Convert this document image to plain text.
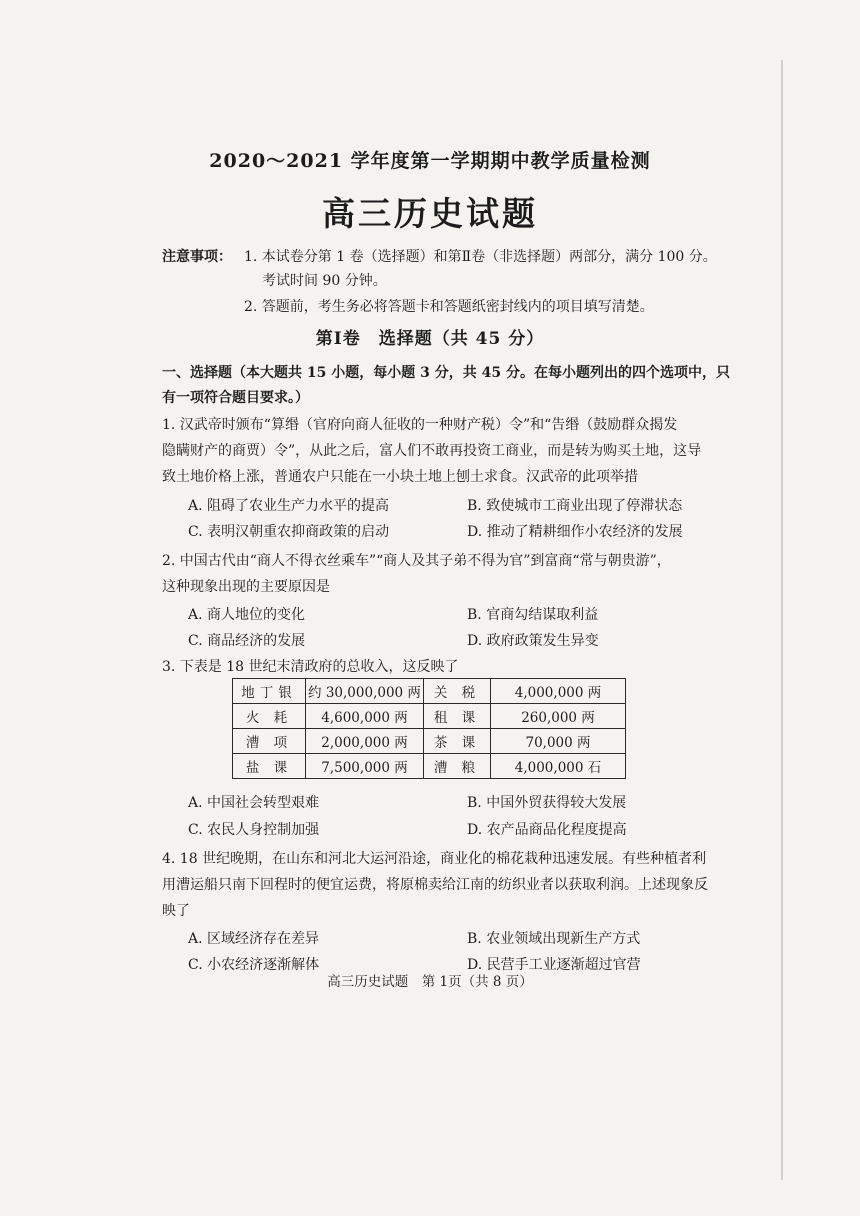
2020～2021 学年度第一学期期中教学质量检测
高三历史试题
注意事项： 1. 本试卷分第 1 卷（选择题）和第Ⅱ卷（非选择题）两部分，满分 100 分。
考试时间 90 分钟。
2. 答题前，考生务必将答题卡和答题纸密封线内的项目填写清楚。
第Ⅰ卷　选择题（共 45 分）
一、选择题（本大题共 15 小题，每小题 3 分，共 45 分。在每小题列出的四个选项中，只
有一项符合题目要求。）
1. 汉武帝时颁布“算缗（官府向商人征收的一种财产税）令”和“告缗（鼓励群众揭发
隐瞒财产的商贾）令”，从此之后，富人们不敢再投资工商业，而是转为购买土地，这导
致土地价格上涨，普通农户只能在一小块土地上刨土求食。汉武帝的此项举措
A. 阻碍了农业生产力水平的提高	B. 致使城市工商业出现了停滞状态
C. 表明汉朝重农抑商政策的启动	D. 推动了精耕细作小农经济的发展
2. 中国古代由“商人不得衣丝乘车”“商人及其子弟不得为官”到富商“常与朝贵游”，
这种现象出现的主要原因是
A. 商人地位的变化	B. 官商勾结谋取利益
C. 商品经济的发展	D. 政府政策发生异变
3. 下表是 18 世纪末清政府的总收入，这反映了
地丁银	约 30,000,000 两	关 税	4,000,000 两
火 耗	4,600,000 两	租 课	260,000 两
漕 项	2,000,000 两	茶 课	70,000 两
盐 课	7,500,000 两	漕 粮	4,000,000 石
A. 中国社会转型艰难	B. 中国外贸获得较大发展
C. 农民人身控制加强	D. 农产品商品化程度提高
4. 18 世纪晚期，在山东和河北大运河沿途，商业化的棉花栽种迅速发展。有些种植者利
用漕运船只南下回程时的便宜运费，将原棉卖给江南的纺织业者以获取利润。上述现象反
映了
A. 区域经济存在差异	B. 农业领域出现新生产方式
C. 小农经济逐渐解体	D. 民营手工业逐渐超过官营
高三历史试题　第 1页（共 8 页）
